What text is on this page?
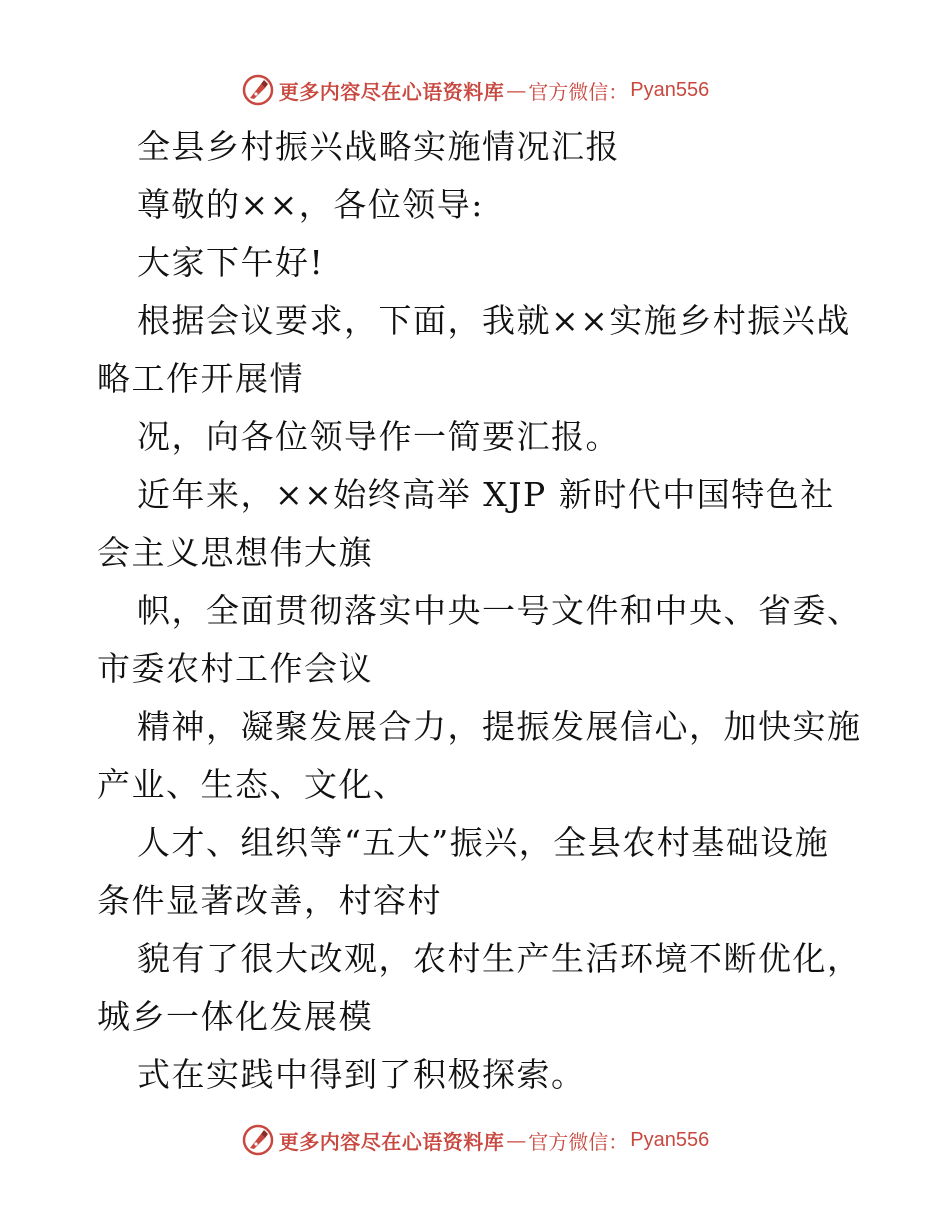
更多内容尽在心语资料库 — 官方微信： Pyan556

全县乡村振兴战略实施情况汇报

尊敬的××，各位领导:

大家下午好!

根据会议要求，下面，我就××实施乡村振兴战

略工作开展情

况，向各位领导作一简要汇报。

近年来，××始终高举 XJP 新时代中国特色社

会主义思想伟大旗

帜，全面贯彻落实中央一号文件和中央、省委、

市委农村工作会议

精神，凝聚发展合力，提振发展信心，加快实施

产业、生态、文化、

人才、组织等“五大”振兴，全县农村基础设施

条件显著改善，村容村

貌有了很大改观，农村生产生活环境不断优化，

城乡一体化发展模

式在实践中得到了积极探索。

更多内容尽在心语资料库 — 官方微信： Pyan556
